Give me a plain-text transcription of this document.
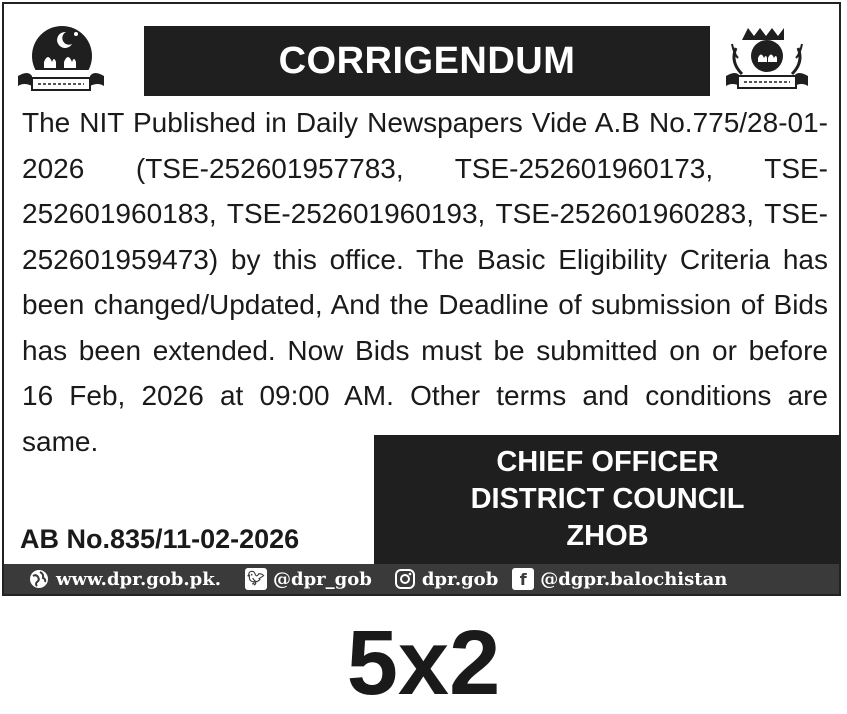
CORRIGENDUM

The NIT Published in Daily Newspapers Vide A.B No.775/28-01-2026 (TSE-252601957783, TSE-252601960173, TSE-252601960183, TSE-252601960193, TSE-252601960283, TSE-252601959473) by this office. The Basic Eligibility Criteria has been changed/Updated, And the Deadline of submission of Bids has been extended. Now Bids must be submitted on or before 16 Feb, 2026 at 09:00 AM. Other terms and conditions are same.

CHIEF OFFICER
DISTRICT COUNCIL
ZHOB
AB No.835/11-02-2026
www.dpr.gob.pk. 🐦︎ @dpr_gob	dpr.gob	f @dgpr.balochistan
5x2
